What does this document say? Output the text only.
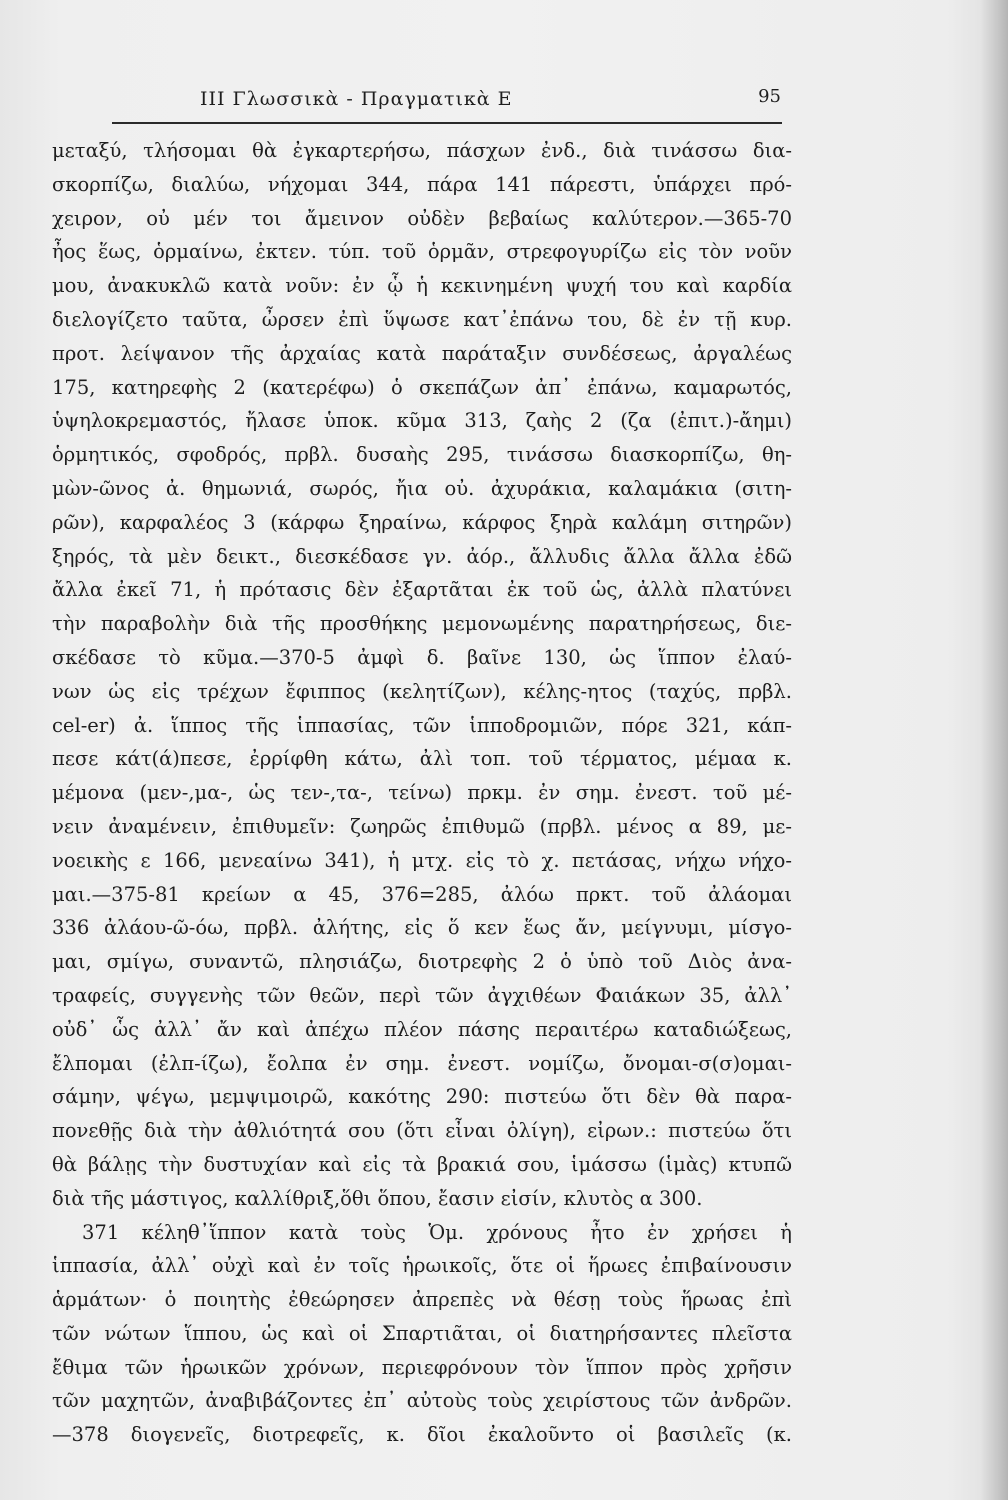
III Γλωσσικὰ - Πραγματικὰ Ε	95
μεταξύ, τλήσομαι θὰ ἐγκαρτερήσω, πάσχων ἐνδ., διὰ τινάσσω δια-
σκορπίζω, διαλύω, νήχομαι 344, πάρα 141 πάρεστι, ὑπάρχει πρό-
χειρον, οὐ μέν τοι ἄμεινον οὐδὲν βεβαίως καλύτερον.—365-70
ἦος ἕως, ὁρμαίνω, ἐκτεν. τύπ. τοῦ ὁρμᾶν, στρεφογυρίζω εἰς τὸν νοῦν
μου, ἀνακυκλῶ κατὰ νοῦν: ἐν ᾧ ἡ κεκινημένη ψυχή του καὶ καρδία
διελογίζετο ταῦτα, ὦρσεν ἐπὶ ὕψωσε κατ᾽ἐπάνω του, δὲ ἐν τῇ κυρ.
προτ. λείψανον τῆς ἀρχαίας κατὰ παράταξιν συνδέσεως, ἀργαλέως
175, κατηρεφὴς 2 (κατερέφω) ὁ σκεπάζων ἀπ᾽ ἐπάνω, καμαρωτός,
ὑψηλοκρεμαστός, ἤλασε ὑποκ. κῦμα 313, ζαὴς 2 (ζα (ἐπιτ.)-ἄημι)
ὁρμητικός, σφοδρός, πρβλ. δυσαὴς 295, τινάσσω διασκορπίζω, θη-
μὼν-ῶνος ἀ. θημωνιά, σωρός, ἤια οὐ. ἀχυράκια, καλαμάκια (σιτη-
ρῶν), καρφαλέος 3 (κάρφω ξηραίνω, κάρφος ξηρὰ καλάμη σιτηρῶν)
ξηρός, τὰ μὲν δεικτ., διεσκέδασε γν. ἀόρ., ἄλλυδις ἄλλα ἄλλα ἐδῶ
ἄλλα ἐκεῖ 71, ἡ πρότασις δὲν ἐξαρτᾶται ἐκ τοῦ ὡς, ἀλλὰ πλατύνει
τὴν παραβολὴν διὰ τῆς προσθήκης μεμονωμένης παρατηρήσεως, διε-
σκέδασε τὸ κῦμα.—370-5 ἀμφὶ δ. βαῖνε 130, ὡς ἵππον ἐλαύ-
νων ὡς εἰς τρέχων ἔφιππος (κελητίζων), κέλης-ητος (ταχύς, πρβλ.
cel-er) ἀ. ἵππος τῆς ἱππασίας, τῶν ἱπποδρομιῶν, πόρε 321, κάπ-
πεσε κάτ(ά)πεσε, ἐρρίφθη κάτω, ἀλὶ τοπ. τοῦ τέρματος, μέμαα κ.
μέμονα (μεν-,μα-, ὡς τεν-,τα-, τείνω) πρκμ. ἐν σημ. ἐνεστ. τοῦ μέ-
νειν ἀναμένειν, ἐπιθυμεῖν: ζωηρῶς ἐπιθυμῶ (πρβλ. μένος α 89, με-
νοεικὴς ε 166, μενεαίνω 341), ἡ μτχ. εἰς τὸ χ. πετάσας, νήχω νήχο-
μαι.—375-81 κρείων α 45, 376=285, ἀλόω πρκτ. τοῦ ἀλάομαι
336 ἀλάου-ῶ-όω, πρβλ. ἀλήτης, εἰς ὅ κεν ἕως ἄν, μείγνυμι, μίσγο-
μαι, σμίγω, συναντῶ, πλησιάζω, διοτρεφὴς 2 ὁ ὑπὸ τοῦ Διὸς ἀνα-
τραφείς, συγγενὴς τῶν θεῶν, περὶ τῶν ἀγχιθέων Φαιάκων 35, ἀλλ᾽
οὐδ᾽ ὧς ἀλλ᾽ ἄν καὶ ἀπέχω πλέον πάσης περαιτέρω καταδιώξεως,
ἔλπομαι (ἐλπ-ίζω), ἔολπα ἐν σημ. ἐνεστ. νομίζω, ὄνομαι-σ(σ)ομαι-
σάμην, ψέγω, μεμψιμοιρῶ, κακότης 290: πιστεύω ὅτι δὲν θὰ παρα-
πονεθῇς διὰ τὴν ἀθλιότητά σου (ὅτι εἶναι ὀλίγη), εἰρων.: πιστεύω ὅτι
θὰ βάλῃς τὴν δυστυχίαν καὶ εἰς τὰ βρακιά σου, ἱμάσσω (ἱμὰς) κτυπῶ
διὰ τῆς μάστιγος, καλλίθριξ,ὅθι ὅπου, ἔασιν εἰσίν, κλυτὸς α 300.
371 κέληθ᾽ἵππον κατὰ τοὺς Ὁμ. χρόνους ἦτο ἐν χρήσει ἡ
ἱππασία, ἀλλ᾽ οὐχὶ καὶ ἐν τοῖς ἡρωικοῖς, ὅτε οἱ ἥρωες ἐπιβαίνουσιν
ἁρμάτων· ὁ ποιητὴς ἐθεώρησεν ἀπρεπὲς νὰ θέσῃ τοὺς ἥρωας ἐπὶ
τῶν νώτων ἵππου, ὡς καὶ οἱ Σπαρτιᾶται, οἱ διατηρήσαντες πλεῖστα
ἔθιμα τῶν ἡρωικῶν χρόνων, περιεφρόνουν τὸν ἵππον πρὸς χρῆσιν
τῶν μαχητῶν, ἀναβιβάζοντες ἐπ᾽ αὐτοὺς τοὺς χειρίστους τῶν ἀνδρῶν.
—378 διογενεῖς, διοτρεφεῖς, κ. δῖοι ἐκαλοῦντο οἱ βασιλεῖς (κ.
